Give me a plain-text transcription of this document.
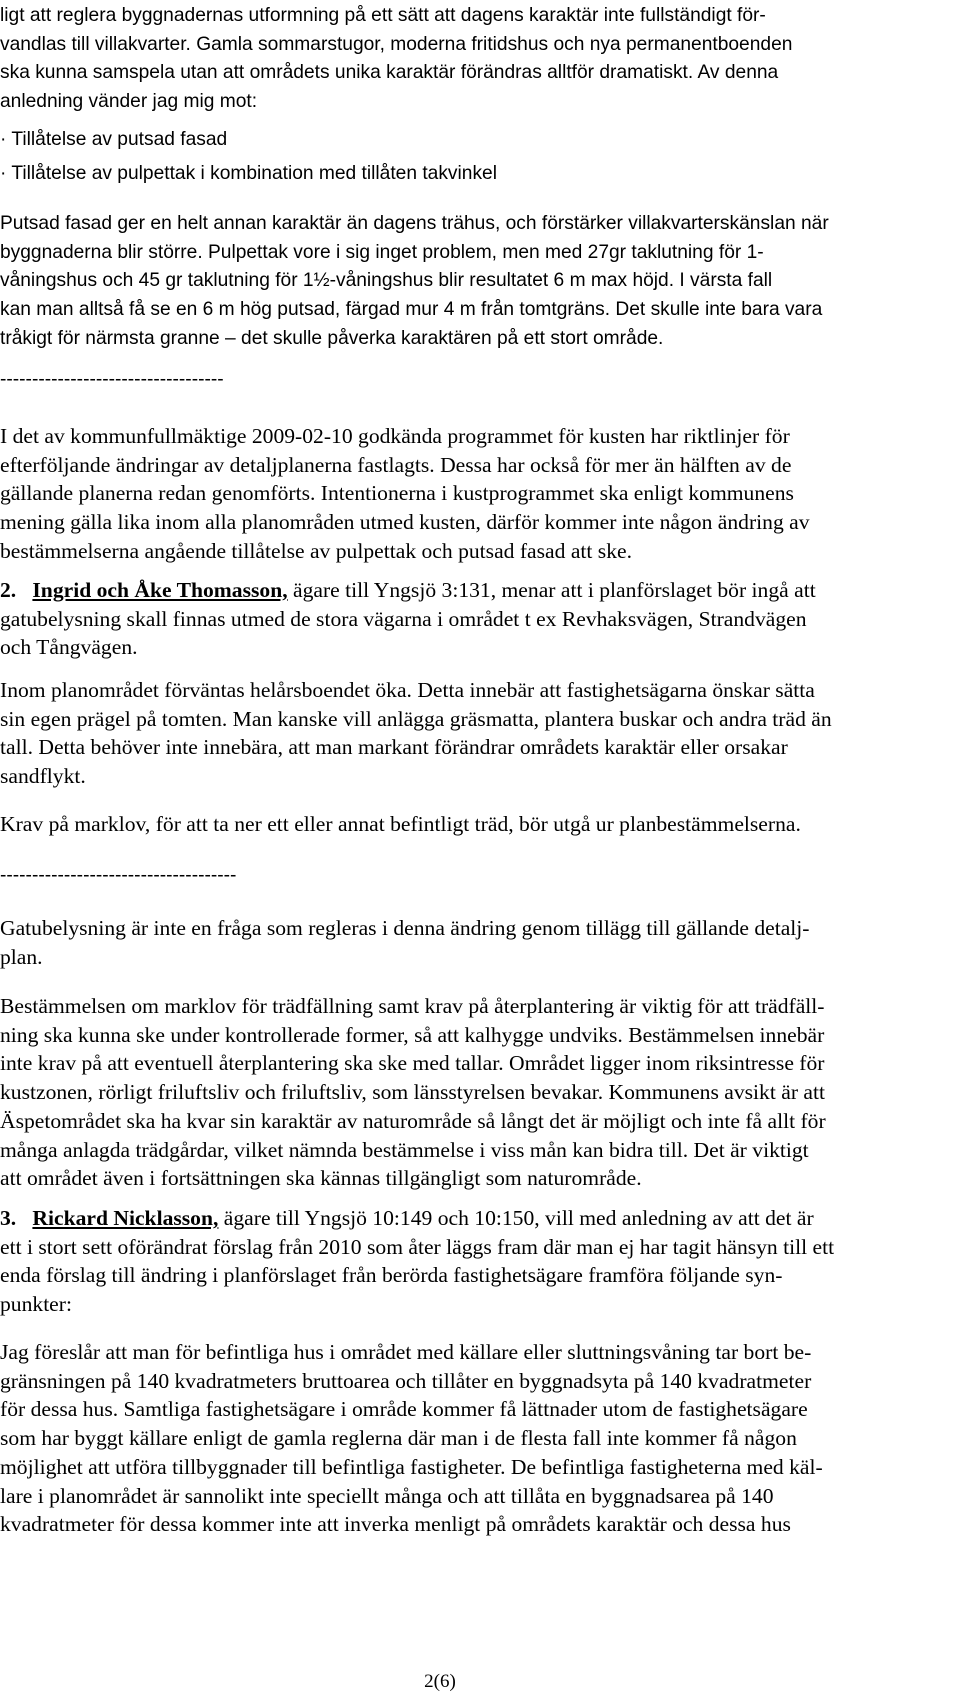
ligt att reglera byggnadernas utformning på ett sätt att dagens karaktär inte fullständigt för-
vandlas till villakvarter. Gamla sommarstugor, moderna fritidshus och nya permanentboenden
ska kunna samspela utan att områdets unika karaktär förändras alltför dramatiskt. Av denna
anledning vänder jag mig mot:
· Tillåtelse av putsad fasad
· Tillåtelse av pulpettak i kombination med tillåten takvinkel
Putsad fasad ger en helt annan karaktär än dagens trähus, och förstärker villakvarterskänslan när
byggnaderna blir större. Pulpettak vore i sig inget problem, men med 27gr taklutning för 1-
våningshus och 45 gr taklutning för 1½-våningshus blir resultatet 6 m max höjd. I värsta fall
kan man alltså få se en 6 m hög putsad, färgad mur 4 m från tomtgräns. Det skulle inte bara vara
tråkigt för närmsta granne – det skulle påverka karaktären på ett stort område.
-----------------------------------
I det av kommunfullmäktige 2009-02-10 godkända programmet för kusten har riktlinjer för
efterföljande ändringar av detaljplanerna fastlagts. Dessa har också för mer än hälften av de
gällande planerna redan genomförts. Intentionerna i kustprogrammet ska enligt kommunens
mening gälla lika inom alla planområden utmed kusten, därför kommer inte någon ändring av
bestämmelserna angående tillåtelse av pulpettak och putsad fasad att ske.
2. Ingrid och Åke Thomasson, ägare till Yngsjö 3:131, menar att i planförslaget bör ingå att
gatubelysning skall finnas utmed de stora vägarna i området t ex Revhaksvägen, Strandvägen
och Tångvägen.
Inom planområdet förväntas helårsboendet öka. Detta innebär att fastighetsägarna önskar sätta
sin egen prägel på tomten. Man kanske vill anlägga gräsmatta, plantera buskar och andra träd än
tall. Detta behöver inte innebära, att man markant förändrar områdets karaktär eller orsakar
sandflykt.
Krav på marklov, för att ta ner ett eller annat befintligt träd, bör utgå ur planbestämmelserna.
-------------------------------------
Gatubelysning är inte en fråga som regleras i denna ändring genom tillägg till gällande detalj-
plan.
Bestämmelsen om marklov för trädfällning samt krav på återplantering är viktig för att trädfäll-
ning ska kunna ske under kontrollerade former, så att kalhygge undviks. Bestämmelsen innebär
inte krav på att eventuell återplantering ska ske med tallar. Området ligger inom riksintresse för
kustzonen, rörligt friluftsliv och friluftsliv, som länsstyrelsen bevakar. Kommunens avsikt är att
Äspetområdet ska ha kvar sin karaktär av naturområde så långt det är möjligt och inte få allt för
många anlagda trädgårdar, vilket nämnda bestämmelse i viss mån kan bidra till. Det är viktigt
att området även i fortsättningen ska kännas tillgängligt som naturområde.
3. Rickard Nicklasson, ägare till Yngsjö 10:149 och 10:150, vill med anledning av att det är
ett i stort sett oförändrat förslag från 2010 som åter läggs fram där man ej har tagit hänsyn till ett
enda förslag till ändring i planförslaget från berörda fastighetsägare framföra följande syn-
punkter:
Jag föreslår att man för befintliga hus i området med källare eller sluttningsvåning tar bort be-
gränsningen på 140 kvadratmeters bruttoarea och tillåter en byggnadsyta på 140 kvadratmeter
för dessa hus. Samtliga fastighetsägare i område kommer få lättnader utom de fastighetsägare
som har byggt källare enligt de gamla reglerna där man i de flesta fall inte kommer få någon
möjlighet att utföra tillbyggnader till befintliga fastigheter. De befintliga fastigheterna med käl-
lare i planområdet är sannolikt inte speciellt många och att tillåta en byggnadsarea på 140
kvadratmeter för dessa kommer inte att inverka menligt på områdets karaktär och dessa hus
2(6)
